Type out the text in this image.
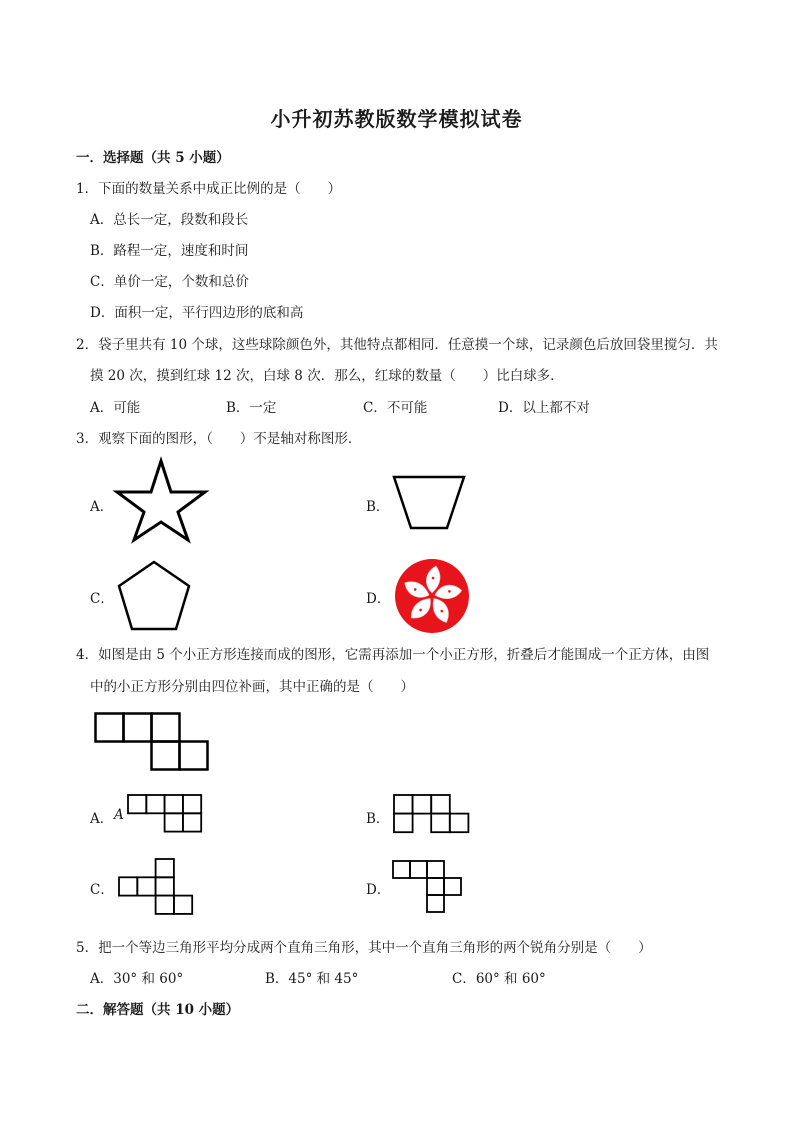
小升初苏教版数学模拟试卷
一．选择题（共 5 小题）
1．下面的数量关系中成正比例的是（　　）
A．总长一定，段数和段长
B．路程一定，速度和时间
C．单价一定，个数和总价
D．面积一定，平行四边形的底和高
2．袋子里共有 10 个球，这些球除颜色外，其他特点都相同．任意摸一个球，记录颜色后放回袋里搅匀．共
摸 20 次，摸到红球 12 次，白球 8 次．那么，红球的数量（　　）比白球多．
A．可能	B．一定	C．不可能	D．以上都不对
3．观察下面的图形，（　　）不是轴对称图形．
A．	B．
C．	D．
4．如图是由 5 个小正方形连接而成的图形，它需再添加一个小正方形，折叠后才能围成一个正方体，由图
中的小正方形分别由四位补画，其中正确的是（　　）
A． A	B．
C．	D．
5．把一个等边三角形平均分成两个直角三角形，其中一个直角三角形的两个锐角分别是（　　）
A．30° 和 60°	B．45° 和 45°	C．60° 和 60°
二．解答题（共 10 小题）
